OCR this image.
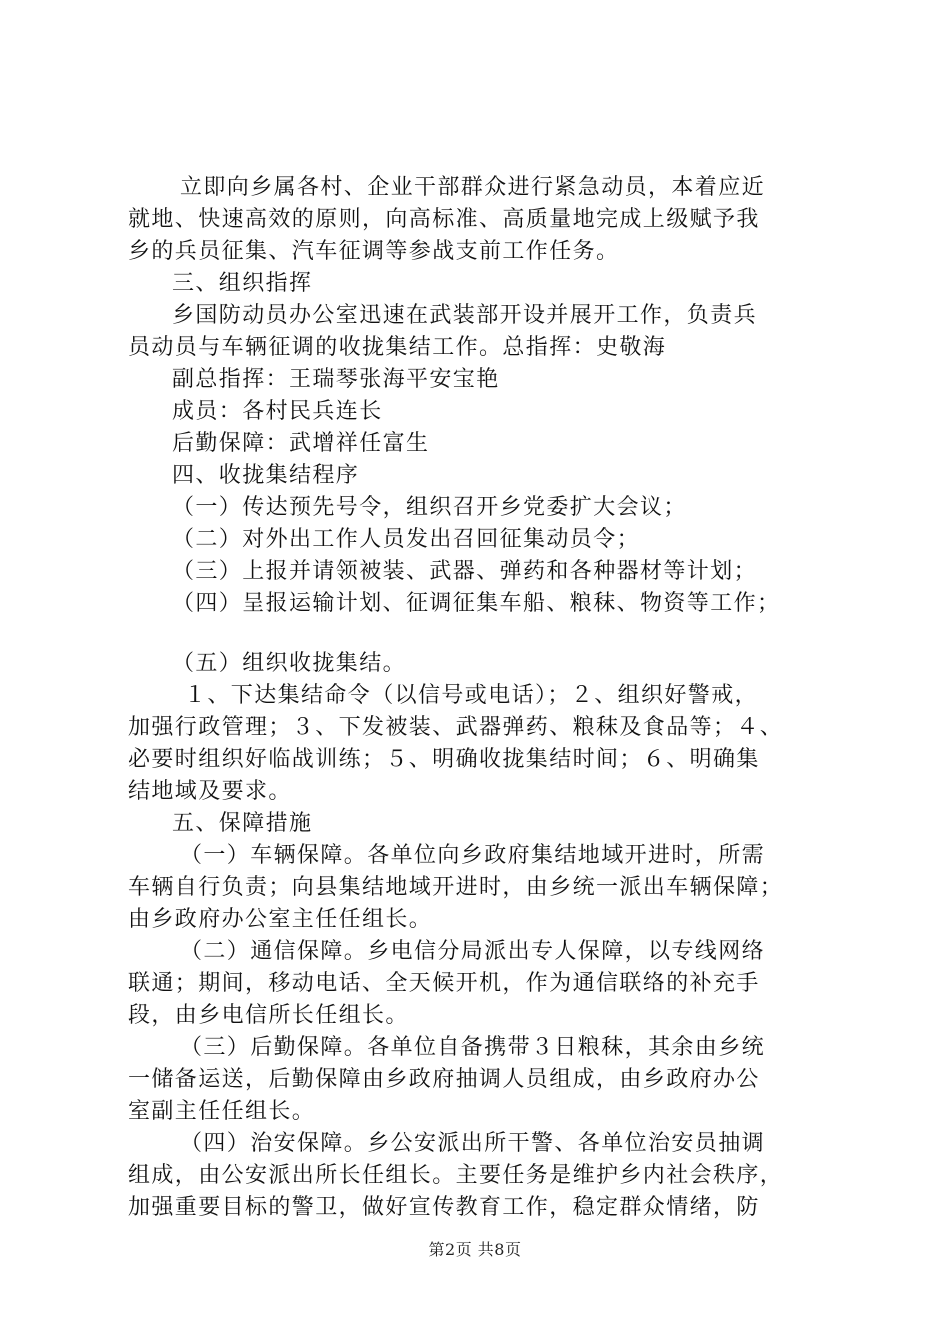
立即向乡属各村、企业干部群众进行紧急动员，本着应近
就地、快速高效的原则，向高标准、高质量地完成上级赋予我
乡的兵员征集、汽车征调等参战支前工作任务。
三、组织指挥
乡国防动员办公室迅速在武装部开设并展开工作，负责兵
员动员与车辆征调的收拢集结工作。总指挥：史敬海
副总指挥：王瑞琴张海平安宝艳
成员：各村民兵连长
后勤保障：武增祥任富生
四、收拢集结程序
（一）传达预先号令，组织召开乡党委扩大会议；
（二）对外出工作人员发出召回征集动员令；
（三）上报并请领被装、武器、弹药和各种器材等计划；
（四）呈报运输计划、征调征集车船、粮秣、物资等工作；
（五）组织收拢集结。
１、下达集结命令（以信号或电话）；２、组织好警戒，
加强行政管理；３、下发被装、武器弹药、粮秣及食品等；４、
必要时组织好临战训练；５、明确收拢集结时间；６、明确集
结地域及要求。
五、保障措施
（一）车辆保障。各单位向乡政府集结地域开进时，所需
车辆自行负责；向县集结地域开进时，由乡统一派出车辆保障；
由乡政府办公室主任任组长。
（二）通信保障。乡电信分局派出专人保障，以专线网络
联通；期间，移动电话、全天候开机，作为通信联络的补充手
段，由乡电信所长任组长。
（三）后勤保障。各单位自备携带３日粮秣，其余由乡统
一储备运送，后勤保障由乡政府抽调人员组成，由乡政府办公
室副主任任组长。
（四）治安保障。乡公安派出所干警、各单位治安员抽调
组成，由公安派出所长任组长。主要任务是维护乡内社会秩序，
加强重要目标的警卫，做好宣传教育工作，稳定群众情绪，防
第2页 共8页
